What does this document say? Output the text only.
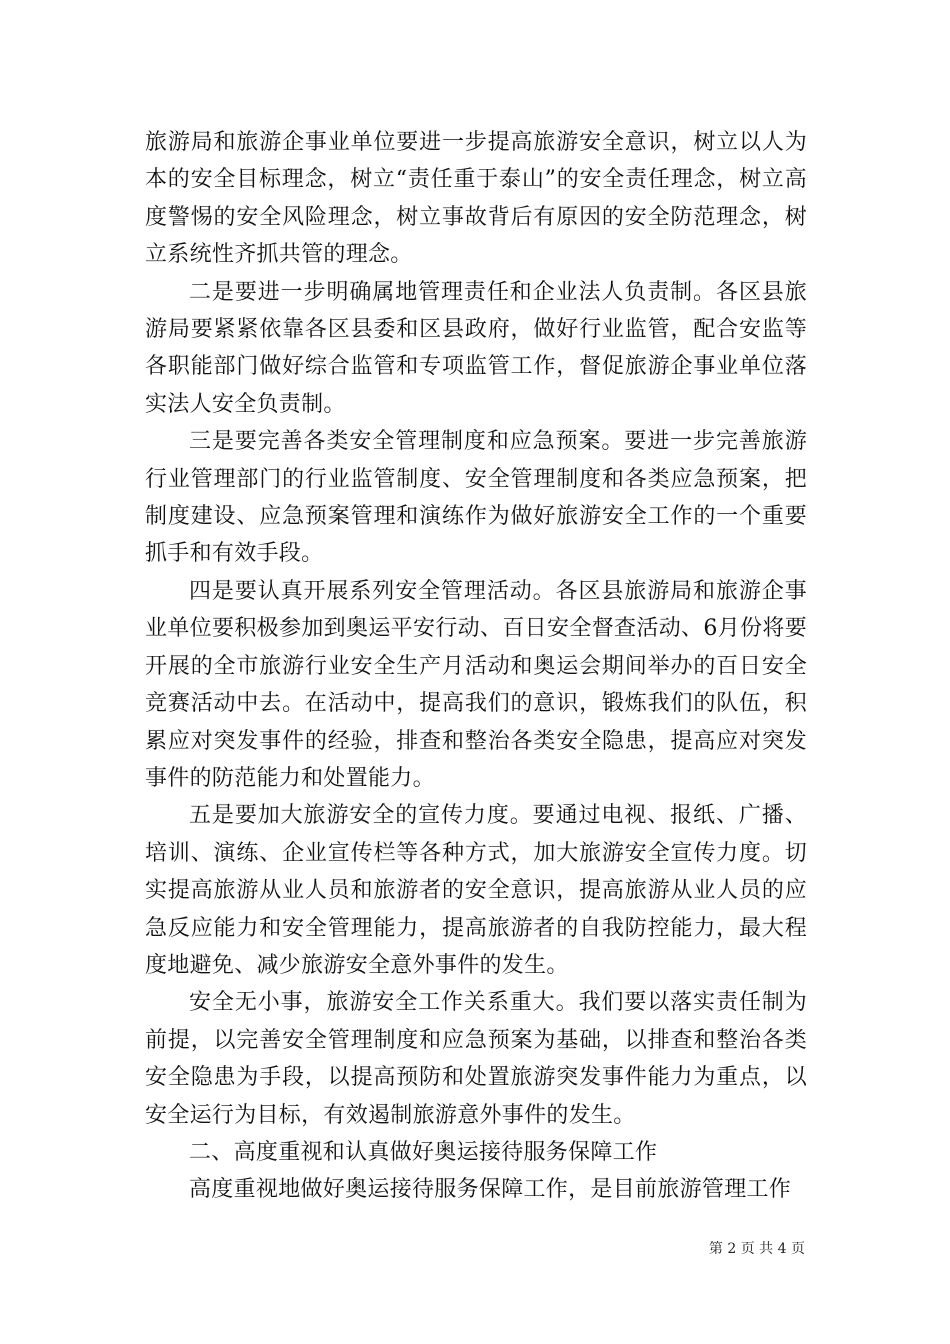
旅游局和旅游企事业单位要进一步提高旅游安全意识，树立以人为本的安全目标理念，树立“责任重于泰山”的安全责任理念，树立高度警惕的安全风险理念，树立事故背后有原因的安全防范理念，树立系统性齐抓共管的理念。

二是要进一步明确属地管理责任和企业法人负责制。各区县旅游局要紧紧依靠各区县委和区县政府，做好行业监管，配合安监等各职能部门做好综合监管和专项监管工作，督促旅游企事业单位落实法人安全负责制。

三是要完善各类安全管理制度和应急预案。要进一步完善旅游行业管理部门的行业监管制度、安全管理制度和各类应急预案，把制度建设、应急预案管理和演练作为做好旅游安全工作的一个重要抓手和有效手段。

四是要认真开展系列安全管理活动。各区县旅游局和旅游企事业单位要积极参加到奥运平安行动、百日安全督查活动、6月份将要开展的全市旅游行业安全生产月活动和奥运会期间举办的百日安全竞赛活动中去。在活动中，提高我们的意识，锻炼我们的队伍，积累应对突发事件的经验，排查和整治各类安全隐患，提高应对突发事件的防范能力和处置能力。

五是要加大旅游安全的宣传力度。要通过电视、报纸、广播、培训、演练、企业宣传栏等各种方式，加大旅游安全宣传力度。切实提高旅游从业人员和旅游者的安全意识，提高旅游从业人员的应急反应能力和安全管理能力，提高旅游者的自我防控能力，最大程度地避免、减少旅游安全意外事件的发生。

安全无小事，旅游安全工作关系重大。我们要以落实责任制为前提，以完善安全管理制度和应急预案为基础，以排查和整治各类安全隐患为手段，以提高预防和处置旅游突发事件能力为重点，以安全运行为目标，有效遏制旅游意外事件的发生。

二、高度重视和认真做好奥运接待服务保障工作

高度重视地做好奥运接待服务保障工作，是目前旅游管理工作

第 2 页 共 4 页
